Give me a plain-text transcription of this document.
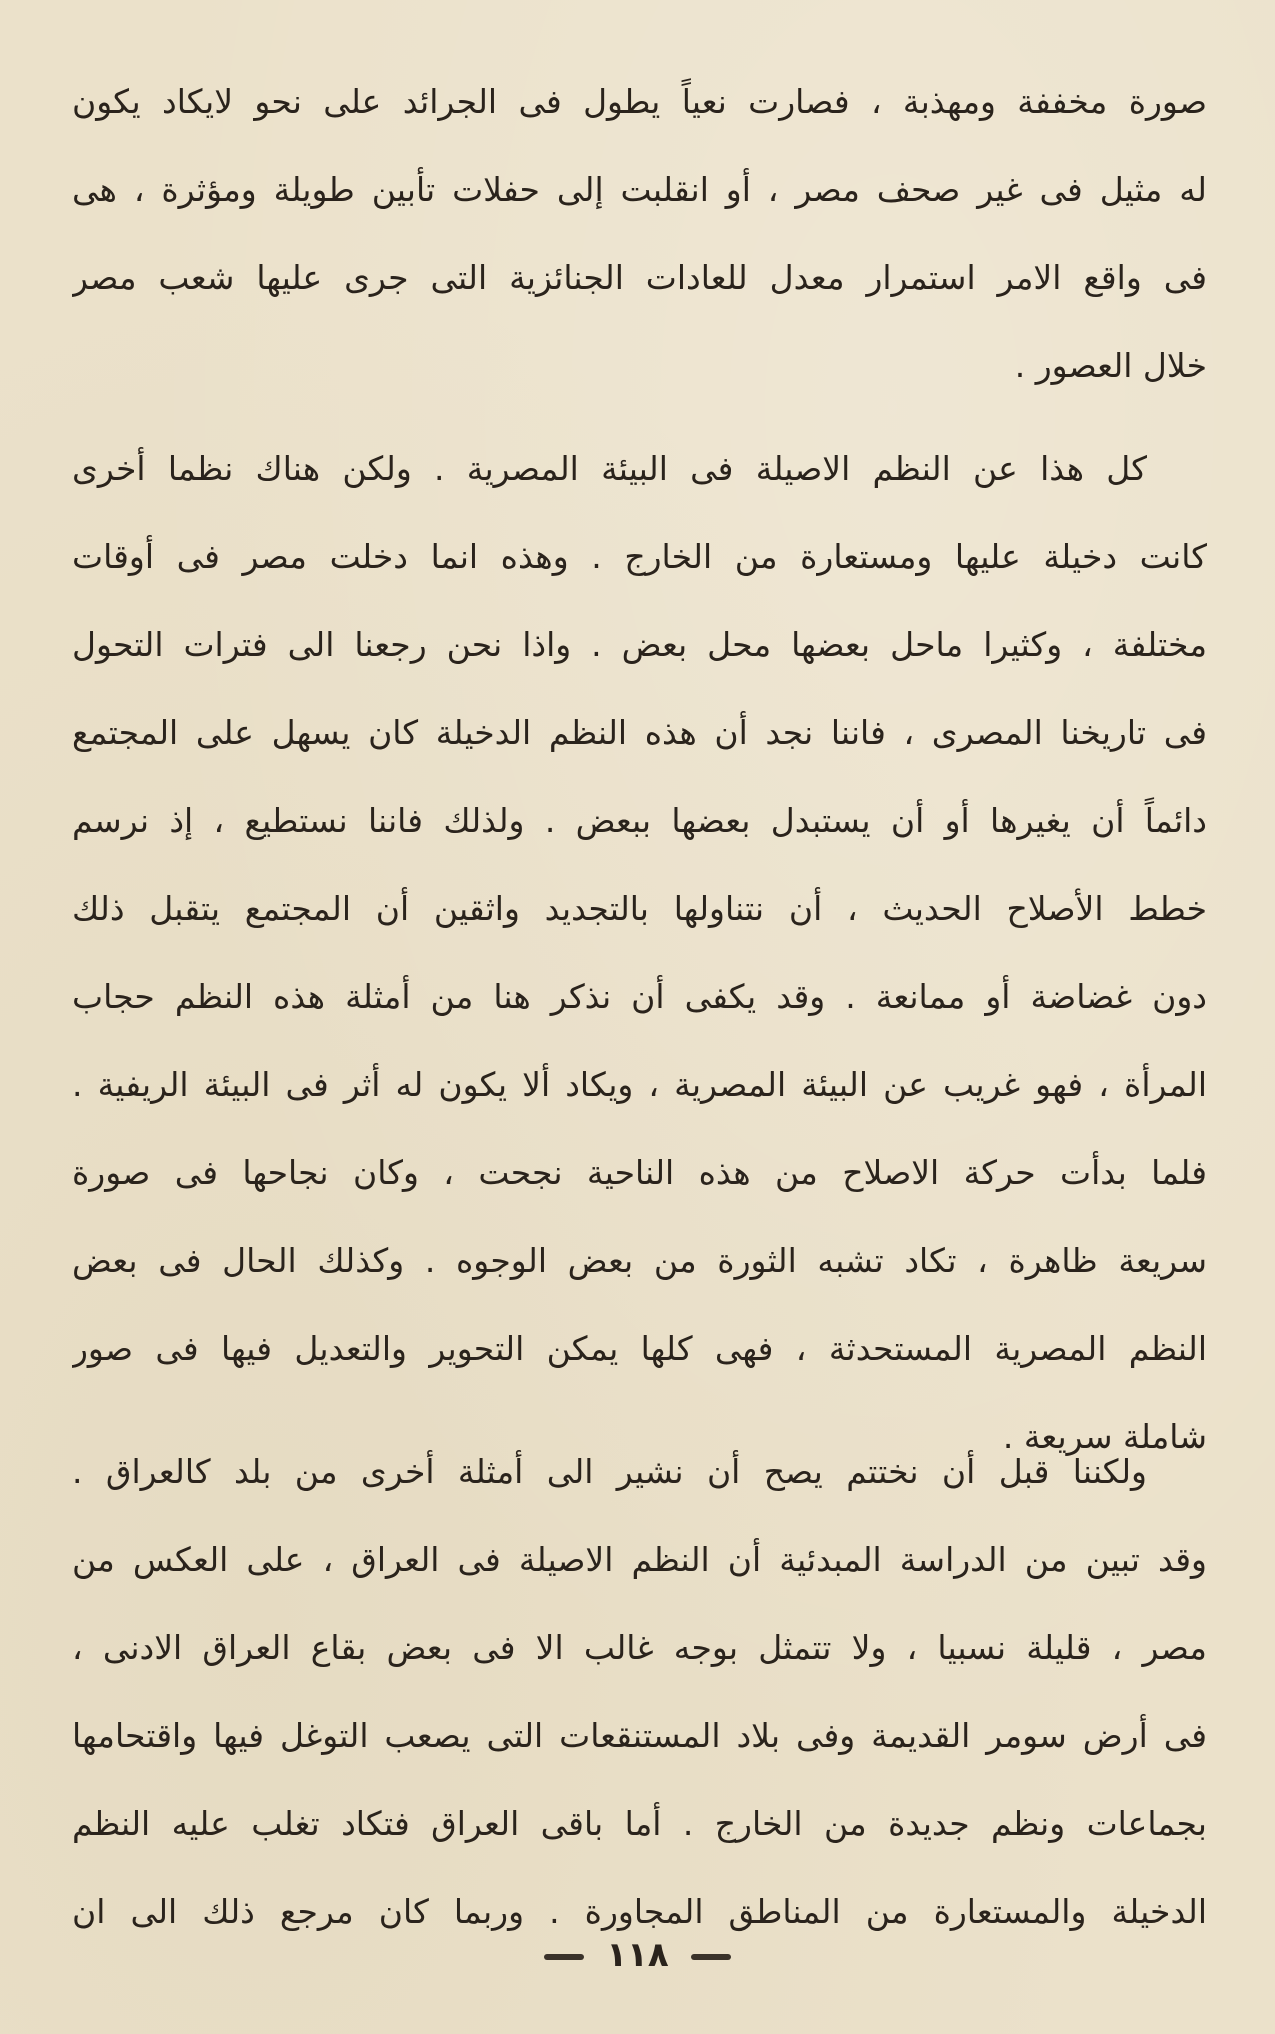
صورة مخففة ومهذبة ، فصارت نعياً يطول فى الجرائد على نحو لايكاد يكون
له مثيل فى غير صحف مصر ، أو انقلبت إلى حفلات تأبين طويلة ومؤثرة ، هى
فى واقع الامر استمرار معدل للعادات الجنائزية التى جرى عليها شعب مصر
خلال العصور .
كل هذا عن النظم الاصيلة فى البيئة المصرية . ولكن هناك نظما أخرى
كانت دخيلة عليها ومستعارة من الخارج . وهذه انما دخلت مصر فى أوقات
مختلفة ، وكثيرا ماحل بعضها محل بعض . واذا نحن رجعنا الى فترات التحول
فى تاريخنا المصرى ، فاننا نجد أن هذه النظم الدخيلة كان يسهل على المجتمع
دائماً أن يغيرها أو أن يستبدل بعضها ببعض . ولذلك فاننا نستطيع ، إذ نرسم
خطط الأصلاح الحديث ، أن نتناولها بالتجديد واثقين أن المجتمع يتقبل ذلك
دون غضاضة أو ممانعة . وقد يكفى أن نذكر هنا من أمثلة هذه النظم حجاب
المرأة ، فهو غريب عن البيئة المصرية ، ويكاد ألا يكون له أثر فى البيئة الريفية .
فلما بدأت حركة الاصلاح من هذه الناحية نجحت ، وكان نجاحها فى صورة
سريعة ظاهرة ، تكاد تشبه الثورة من بعض الوجوه . وكذلك الحال فى بعض
النظم المصرية المستحدثة ، فهى كلها يمكن التحوير والتعديل فيها فى صور
شاملة سريعة .
ولكننا قبل أن نختتم يصح أن نشير الى أمثلة أخرى من بلد كالعراق .
وقد تبين من الدراسة المبدئية أن النظم الاصيلة فى العراق ، على العكس من
مصر ، قليلة نسبيا ، ولا تتمثل بوجه غالب الا فى بعض بقاع العراق الادنى ،
فى أرض سومر القديمة وفى بلاد المستنقعات التى يصعب التوغل فيها واقتحامها
بجماعات ونظم جديدة من الخارج . أما باقى العراق فتكاد تغلب عليه النظم
الدخيلة والمستعارة من المناطق المجاورة . وربما كان مرجع ذلك الى ان
١١٨
